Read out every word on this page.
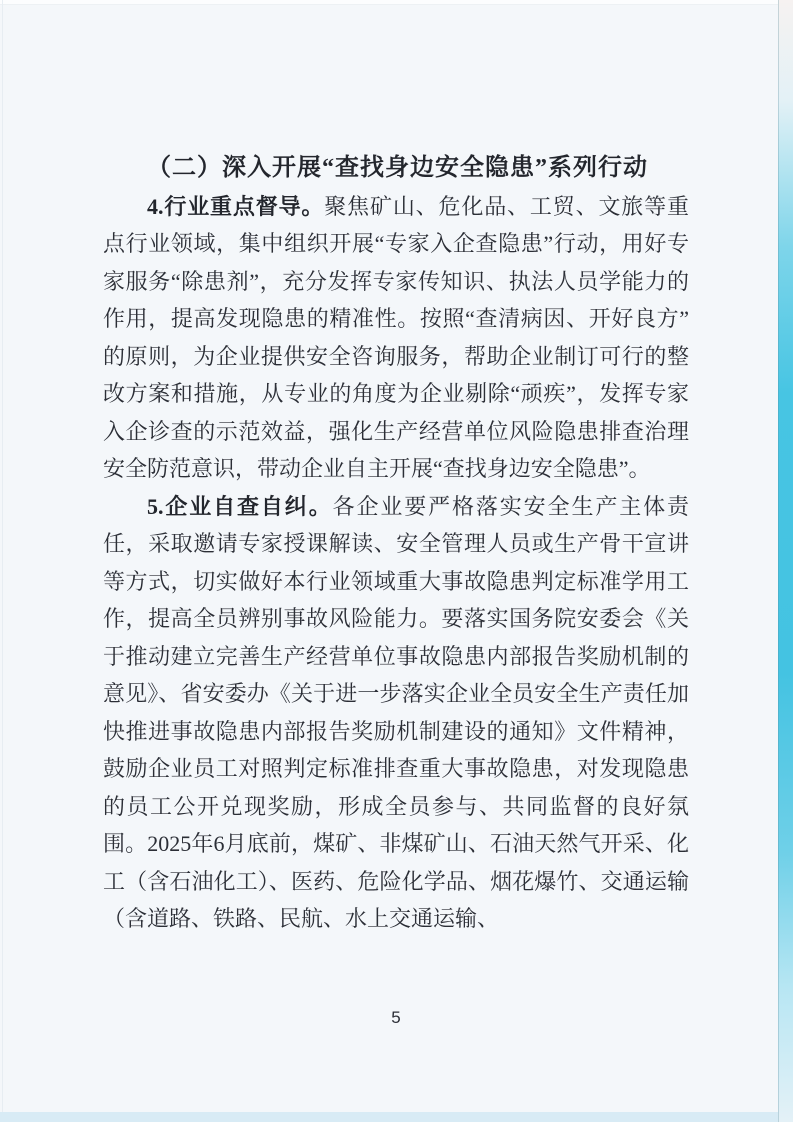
（二）深入开展“查找身边安全隐患”系列行动

4.行业重点督导。聚焦矿山、危化品、工贸、文旅等重点行业领域，集中组织开展“专家入企查隐患”行动，用好专家服务“除患剂”，充分发挥专家传知识、执法人员学能力的作用，提高发现隐患的精准性。按照“查清病因、开好良方”的原则，为企业提供安全咨询服务，帮助企业制订可行的整改方案和措施，从专业的角度为企业剔除“顽疾”，发挥专家入企诊查的示范效益，强化生产经营单位风险隐患排查治理安全防范意识，带动企业自主开展“查找身边安全隐患”。

5.企业自查自纠。各企业要严格落实安全生产主体责任，采取邀请专家授课解读、安全管理人员或生产骨干宣讲等方式，切实做好本行业领域重大事故隐患判定标准学用工作，提高全员辨别事故风险能力。要落实国务院安委会《关于推动建立完善生产经营单位事故隐患内部报告奖励机制的意见》、省安委办《关于进一步落实企业全员安全生产责任加快推进事故隐患内部报告奖励机制建设的通知》文件精神，鼓励企业员工对照判定标准排查重大事故隐患，对发现隐患的员工公开兑现奖励，形成全员参与、共同监督的良好氛围。2025年6月底前，煤矿、非煤矿山、石油天然气开采、化工（含石油化工）、医药、危险化学品、烟花爆竹、交通运输（含道路、铁路、民航、水上交通运输、

5
